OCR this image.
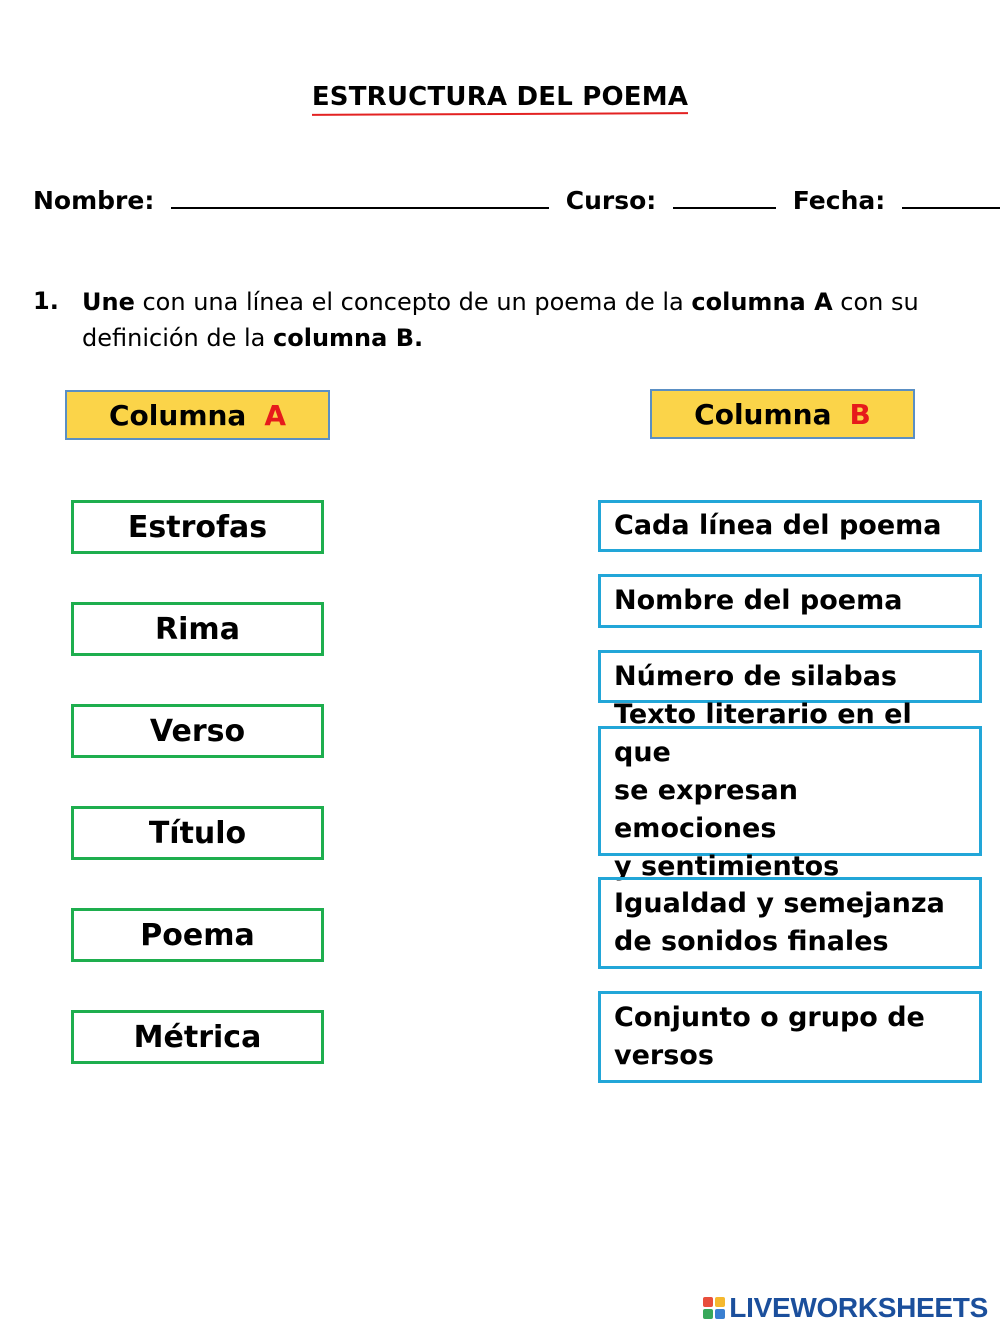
ESTRUCTURA DEL POEMA
Nombre:	Curso:	Fecha:
1. Une con una línea el concepto de un poema de la columna A con su definición de la columna B.
Columna A	Columna B
Estrofas
Rima
Verso
Título
Poema
Métrica
Cada línea del poema
Nombre del poema
Número de silabas
Texto literario en el que
se expresan emociones
y sentimientos
Igualdad y semejanza
de sonidos finales
Conjunto o grupo de
versos
LIVEWORKSHEETS
